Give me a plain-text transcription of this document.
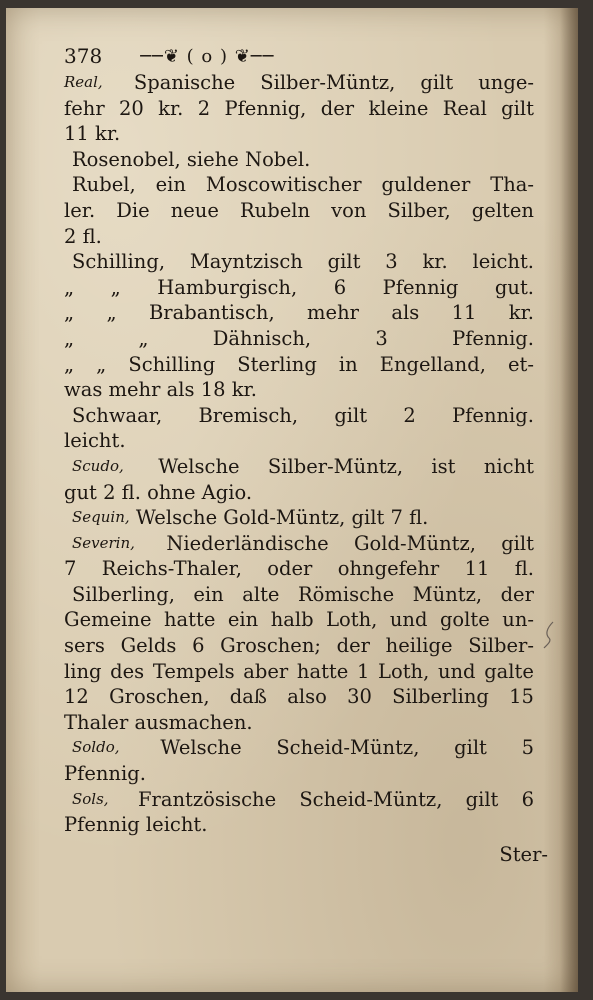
378 ──❦ ( o ) ❦──
Real, Spanische Silber-Müntz, gilt unge-
fehr 20 kr. 2 Pfennig, der kleine Real gilt
11 kr.
Rosenobel, siehe Nobel.
Rubel, ein Moscowitischer guldener Tha-
ler. Die neue Rubeln von Silber, gelten
2 fl.
Schilling, Mayntzisch gilt 3 kr. leicht.
„ „ Hamburgisch, 6 Pfennig gut.
„ „ Brabantisch, mehr als 11 kr.
„	„	Dähnisch,	3	Pfennig.
„ „ Schilling Sterling in Engelland, et-
was mehr als 18 kr.
Schwaar, Bremisch, gilt 2 Pfennig.
leicht.
Scudo, Welsche Silber-Müntz, ist nicht
gut 2 fl. ohne Agio.
Sequin, Welsche Gold-Müntz, gilt 7 fl.
Severin, Niederländische Gold-Müntz, gilt
7 Reichs-Thaler, oder ohngefehr 11 fl.
Silberling, ein alte Römische Müntz, der
Gemeine hatte ein halb Loth, und golte un-
sers Gelds 6 Groschen; der heilige Silber-
ling des Tempels aber hatte 1 Loth, und galte
12 Groschen, daß also 30 Silberling 15
Thaler ausmachen.
Soldo, Welsche Scheid-Müntz, gilt 5
Pfennig.
Sols, Frantzösische Scheid-Müntz, gilt 6
Pfennig leicht.
Ster-
